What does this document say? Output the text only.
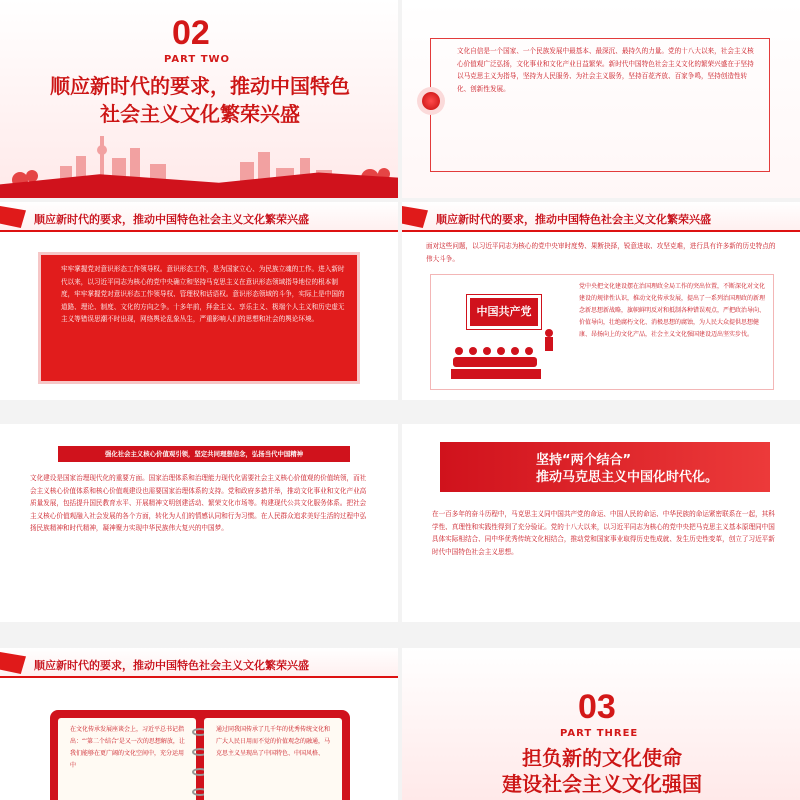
02
PART TWO
顺应新时代的要求，推动中国特色
社会主义文化繁荣兴盛
文化自信是一个国家、一个民族发展中最基本、最深沉、最持久的力量。党的十八大以来，社会主义核心价值观广泛弘扬，文化事业和文化产业日益繁荣。新时代中国特色社会主义文化的繁荣兴盛在于坚持以马克思主义为指导，坚持为人民服务、为社会主义服务，坚持百花齐放、百家争鸣，坚持创造性转化、创新性发展。
顺应新时代的要求，推动中国特色社会主义文化繁荣兴盛
牢牢掌握党对意识形态工作领导权。意识形态工作，是为国家立心、为民族立魂的工作。进入新时代以来，以习近平同志为核心的党中央确立和坚持马克思主义在意识形态领域指导地位的根本制度，牢牢掌握党对意识形态工作领导权、管理权和话语权。意识形态领域的斗争，实际上是中国的道路、理论、制度、文化的方向之争。十多年前，拜金主义、享乐主义、极端个人主义和历史虚无主义等错误思潮不时出现，网络舆论乱象丛生，严重影响人们的思想和社会的舆论环境。
顺应新时代的要求，推动中国特色社会主义文化繁荣兴盛
面对这些问题，以习近平同志为核心的党中央审时度势、果断抉择，锐意进取、攻坚克难，进行具有许多新的历史特点的伟大斗争。
中国共产党
党中央把文化建设摆在治国理政全局工作的突出位置，不断深化对文化建设的规律性认识，推动文化传承发展，提出了一系列治国理政的新理念新思想新战略，旗帜鲜明反对和抵制各种错误观点，严把政治导向、价值导向，壮绝腐朽文化、消极思想的腐蚀，为人民大众提供思想健康、昂扬向上的文化产品，社会主义文化强国建设迈出坚实步伐。
强化社会主义核心价值观引领，坚定共同理想信念，弘扬当代中国精神
文化建设是国家治理现代化的重要方面。国家治理体系和治理能力现代化需要社会主义核心价值观的价值统领，而社会主义核心价值体系和核心价值观建设也需要国家治理体系的支持。党和政府多措并举，推动文化事业和文化产业高质量发展，包括提升国民教育水平、开展精神文明创建活动、繁荣文化市场等。构建现代公共文化服务体系。把社会主义核心价值观融入社会发展的各个方面，转化为人们的情感认同和行为习惯。在人民群众追求美好生活的过程中弘扬民族精神和时代精神，凝神聚力实现中华民族伟大复兴的中国梦。
坚持“两个结合”
推动马克思主义中国化时代化。
在一百多年的奋斗历程中，马克思主义同中国共产党的命运、中国人民的命运、中华民族的命运紧密联系在一起，其科学性、真理性和实践性得到了充分验证。党的十八大以来，以习近平同志为核心的党中央把马克思主义基本原理同中国具体实际相结合、同中华优秀传统文化相结合，推动党和国家事业取得历史性成就、发生历史性变革，创立了习近平新时代中国特色社会主义思想。
顺应新时代的要求，推动中国特色社会主义文化繁荣兴盛
在文化传承发展座谈会上，习近平总书记指出：“‘第二个结合’是又一次的思想解放，让我们能够在更广阔的文化空间中，充分运用中
通过同我国传承了几千年的优秀传统文化和广大人民日用而不觉的价值观念的融通，马克思主义呈现出了中国特色、中国风格、
03
PART THREE
担负新的文化使命
建设社会主义文化强国
